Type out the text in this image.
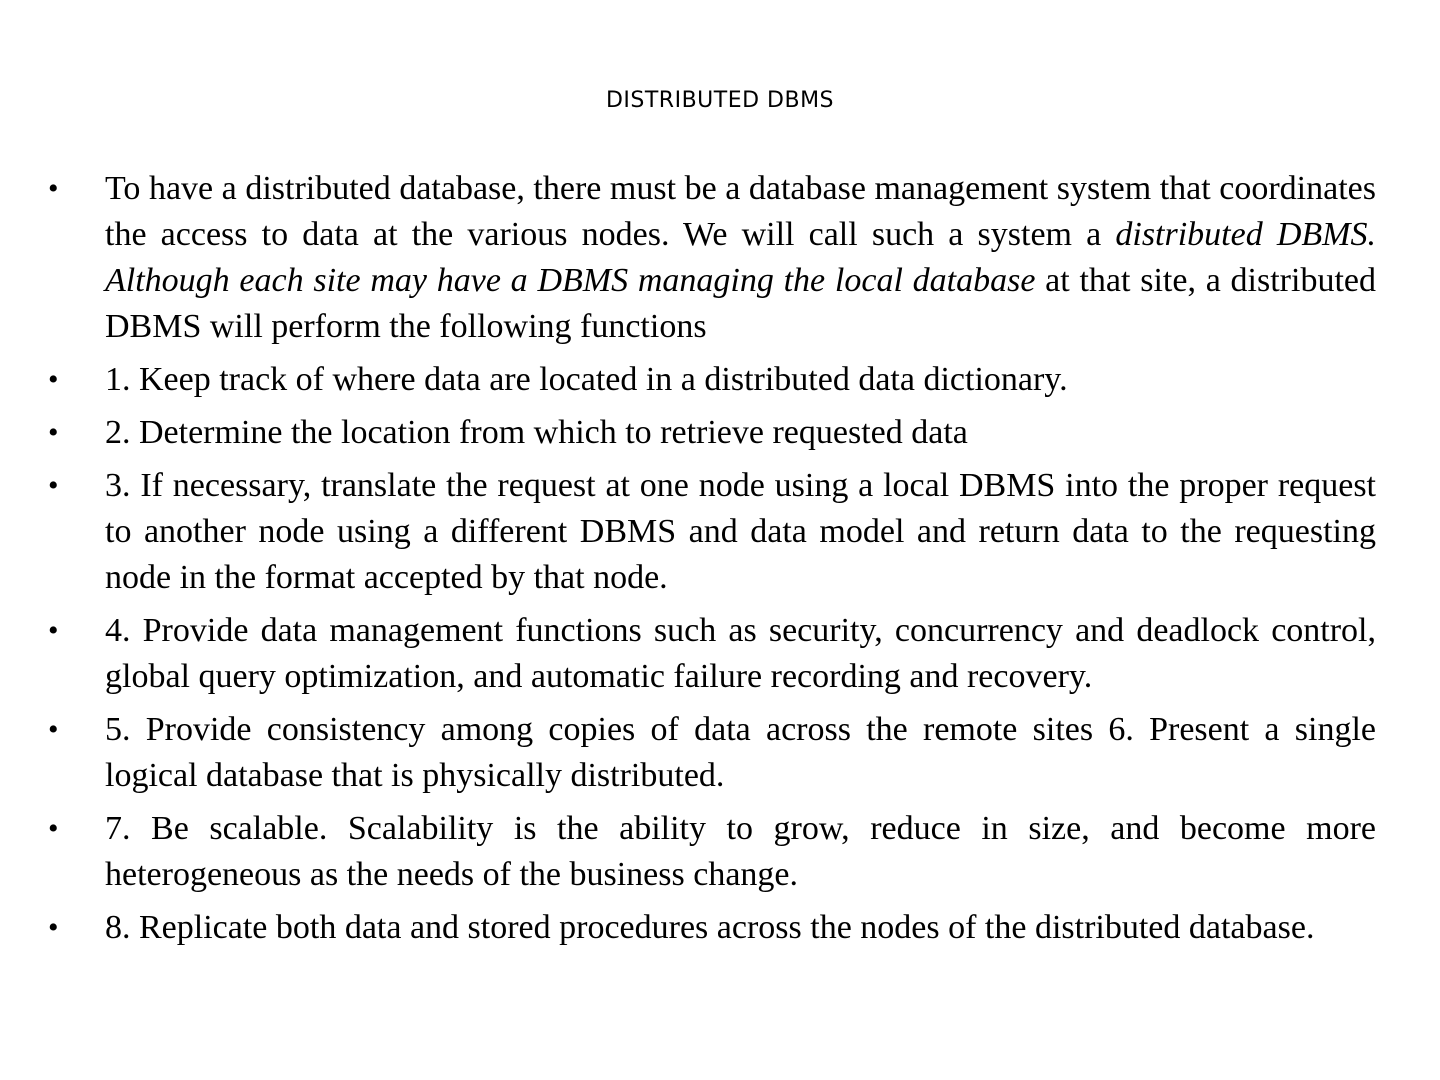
DISTRIBUTED DBMS
• To have a distributed database, there must be a database management system that coordinates the access to data at the various nodes. We will call such a system a distributed DBMS. Although each site may have a DBMS managing the local database at that site, a distributed DBMS will perform the following functions
• 1. Keep track of where data are located in a distributed data dictionary.
• 2. Determine the location from which to retrieve requested data
• 3. If necessary, translate the request at one node using a local DBMS into the proper request to another node using a different DBMS and data model and return data to the requesting node in the format accepted by that node.
• 4. Provide data management functions such as security, concurrency and deadlock control, global query optimization, and automatic failure recording and recovery.
• 5. Provide consistency among copies of data across the remote sites 6. Present a single logical database that is physically distributed.
• 7. Be scalable. Scalability is the ability to grow, reduce in size, and become more heterogeneous as the needs of the business change.
• 8. Replicate both data and stored procedures across the nodes of the distributed database.
